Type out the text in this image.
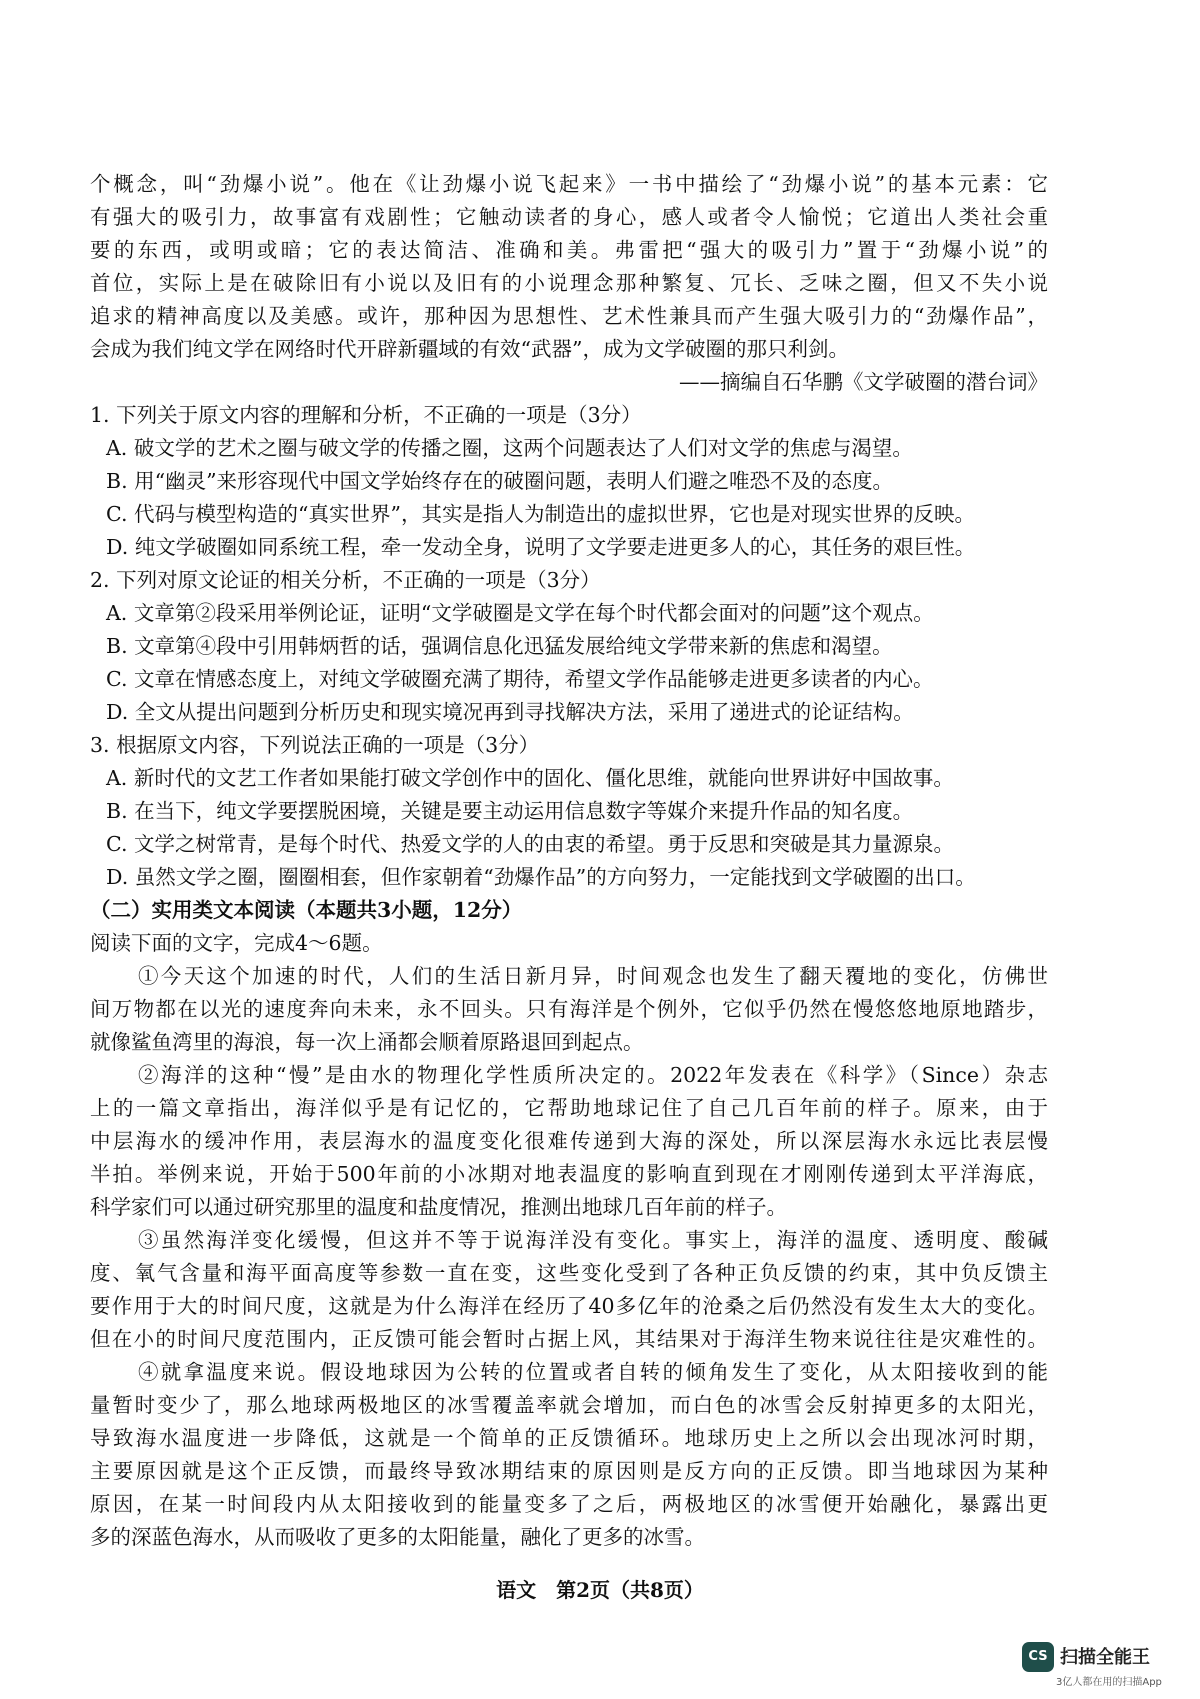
个概念，叫“劲爆小说”。他在《让劲爆小说飞起来》一书中描绘了“劲爆小说”的基本元素：它
有强大的吸引力，故事富有戏剧性；它触动读者的身心，感人或者令人愉悦；它道出人类社会重
要的东西，或明或暗；它的表达简洁、准确和美。弗雷把“强大的吸引力”置于“劲爆小说”的
首位，实际上是在破除旧有小说以及旧有的小说理念那种繁复、冗长、乏味之圈，但又不失小说
追求的精神高度以及美感。或许，那种因为思想性、艺术性兼具而产生强大吸引力的“劲爆作品”，
会成为我们纯文学在网络时代开辟新疆域的有效“武器”，成为文学破圈的那只利剑。
——摘编自石华鹏《文学破圈的潜台词》
1. 下列关于原文内容的理解和分析，不正确的一项是（3分）
A. 破文学的艺术之圈与破文学的传播之圈，这两个问题表达了人们对文学的焦虑与渴望。
B. 用“幽灵”来形容现代中国文学始终存在的破圈问题，表明人们避之唯恐不及的态度。
C. 代码与模型构造的“真实世界”，其实是指人为制造出的虚拟世界，它也是对现实世界的反映。
D. 纯文学破圈如同系统工程，牵一发动全身，说明了文学要走进更多人的心，其任务的艰巨性。
2. 下列对原文论证的相关分析，不正确的一项是（3分）
A. 文章第②段采用举例论证，证明“文学破圈是文学在每个时代都会面对的问题”这个观点。
B. 文章第④段中引用韩炳哲的话，强调信息化迅猛发展给纯文学带来新的焦虑和渴望。
C. 文章在情感态度上，对纯文学破圈充满了期待，希望文学作品能够走进更多读者的内心。
D. 全文从提出问题到分析历史和现实境况再到寻找解决方法，采用了递进式的论证结构。
3. 根据原文内容，下列说法正确的一项是（3分）
A. 新时代的文艺工作者如果能打破文学创作中的固化、僵化思维，就能向世界讲好中国故事。
B. 在当下，纯文学要摆脱困境，关键是要主动运用信息数字等媒介来提升作品的知名度。
C. 文学之树常青，是每个时代、热爱文学的人的由衷的希望。勇于反思和突破是其力量源泉。
D. 虽然文学之圈，圈圈相套，但作家朝着“劲爆作品”的方向努力，一定能找到文学破圈的出口。
（二）实用类文本阅读（本题共3小题，12分）
阅读下面的文字，完成4～6题。
①今天这个加速的时代，人们的生活日新月异，时间观念也发生了翻天覆地的变化，仿佛世
间万物都在以光的速度奔向未来，永不回头。只有海洋是个例外，它似乎仍然在慢悠悠地原地踏步，
就像鲨鱼湾里的海浪，每一次上涌都会顺着原路退回到起点。
②海洋的这种“慢”是由水的物理化学性质所决定的。2022年发表在《科学》（Since）杂志
上的一篇文章指出，海洋似乎是有记忆的，它帮助地球记住了自己几百年前的样子。原来，由于
中层海水的缓冲作用，表层海水的温度变化很难传递到大海的深处，所以深层海水永远比表层慢
半拍。举例来说，开始于500年前的小冰期对地表温度的影响直到现在才刚刚传递到太平洋海底，
科学家们可以通过研究那里的温度和盐度情况，推测出地球几百年前的样子。
③虽然海洋变化缓慢，但这并不等于说海洋没有变化。事实上，海洋的温度、透明度、酸碱
度、氧气含量和海平面高度等参数一直在变，这些变化受到了各种正负反馈的约束，其中负反馈主
要作用于大的时间尺度，这就是为什么海洋在经历了40多亿年的沧桑之后仍然没有发生太大的变化。
但在小的时间尺度范围内，正反馈可能会暂时占据上风，其结果对于海洋生物来说往往是灾难性的。
④就拿温度来说。假设地球因为公转的位置或者自转的倾角发生了变化，从太阳接收到的能
量暂时变少了，那么地球两极地区的冰雪覆盖率就会增加，而白色的冰雪会反射掉更多的太阳光，
导致海水温度进一步降低，这就是一个简单的正反馈循环。地球历史上之所以会出现冰河时期，
主要原因就是这个正反馈，而最终导致冰期结束的原因则是反方向的正反馈。即当地球因为某种
原因，在某一时间段内从太阳接收到的能量变多了之后，两极地区的冰雪便开始融化，暴露出更
多的深蓝色海水，从而吸收了更多的太阳能量，融化了更多的冰雪。
语文　第2页（共8页）
CS 扫描全能王
3亿人都在用的扫描App
